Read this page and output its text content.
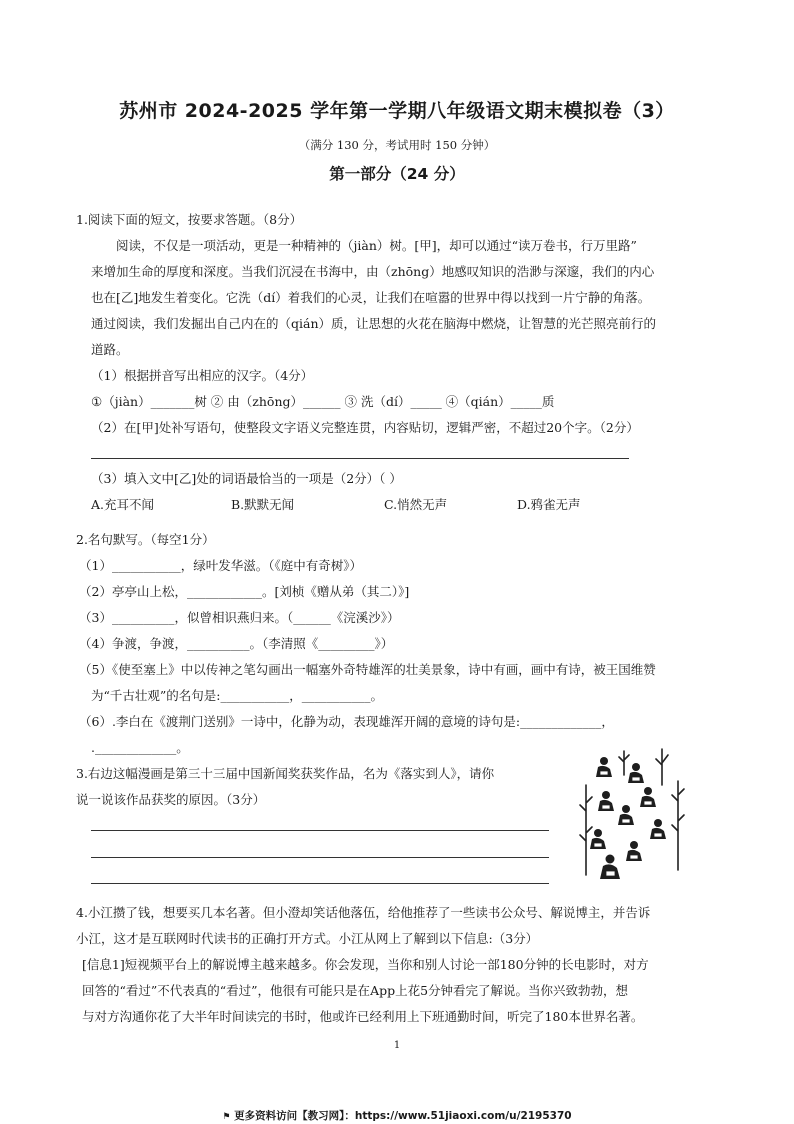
苏州市 2024-2025 学年第一学期八年级语文期末模拟卷（3）
（满分 130 分，考试用时 150 分钟）
第一部分（24 分）
1.阅读下面的短文，按要求答题。（8分）
阅读，不仅是一项活动，更是一种精神的（jiàn）树。[甲]，却可以通过“读万卷书，行万里路”
来增加生命的厚度和深度。当我们沉浸在书海中，由（zhōng）地感叹知识的浩渺与深邃，我们的内心
也在[乙]地发生着变化。它洗（dí）着我们的心灵，让我们在喧嚣的世界中得以找到一片宁静的角落。
通过阅读，我们发掘出自己内在的（qián）质，让思想的火花在脑海中燃烧，让智慧的光芒照亮前行的
道路。
（1）根据拼音写出相应的汉字。（4分）
①（jiàn）_______树 ② 由（zhōng）______ ③ 洗（dí）_____ ④（qián）_____质
（2）在[甲]处补写语句，使整段文字语义完整连贯，内容贴切，逻辑严密，不超过20个字。（2分）
（3）填入文中[乙]处的词语最恰当的一项是（2分）（ ）
A.充耳不闻	B.默默无闻	C.悄然无声	D.鸦雀无声
2.名句默写。（每空1分）
（1）___________，绿叶发华滋。（《庭中有奇树》）
（2）亭亭山上松，____________。[刘桢《赠从弟（其二）》]
（3）__________，似曾相识燕归来。（______《浣溪沙》）
（4）争渡，争渡，__________。（李清照《_________》）
（5）《使至塞上》中以传神之笔勾画出一幅塞外奇特雄浑的壮美景象，诗中有画，画中有诗，被王国维赞
为“千古壮观”的名句是:___________，___________。
（6）.李白在《渡荆门送别》一诗中，化静为动，表现雄浑开阔的意境的诗句是:_____________，
._____________。
3.右边这幅漫画是第三十三届中国新闻奖获奖作品，名为《落实到人》，请你
说一说该作品获奖的原因。（3分）
4.小江攒了钱，想要买几本名著。但小澄却笑话他落伍，给他推荐了一些读书公众号、解说博主，并告诉
小江，这才是互联网时代读书的正确打开方式。小江从网上了解到以下信息:（3分）
[信息1]短视频平台上的解说博主越来越多。你会发现，当你和别人讨论一部180分钟的长电影时，对方
回答的“看过”不代表真的“看过”，他很有可能只是在App上花5分钟看完了解说。当你兴致勃勃，想
与对方沟通你花了大半年时间读完的书时，他或许已经利用上下班通勤时间，听完了180本世界名著。
1
⚑ 更多资料访问【教习网】：https://www.51jiaoxi.com/u/2195370
